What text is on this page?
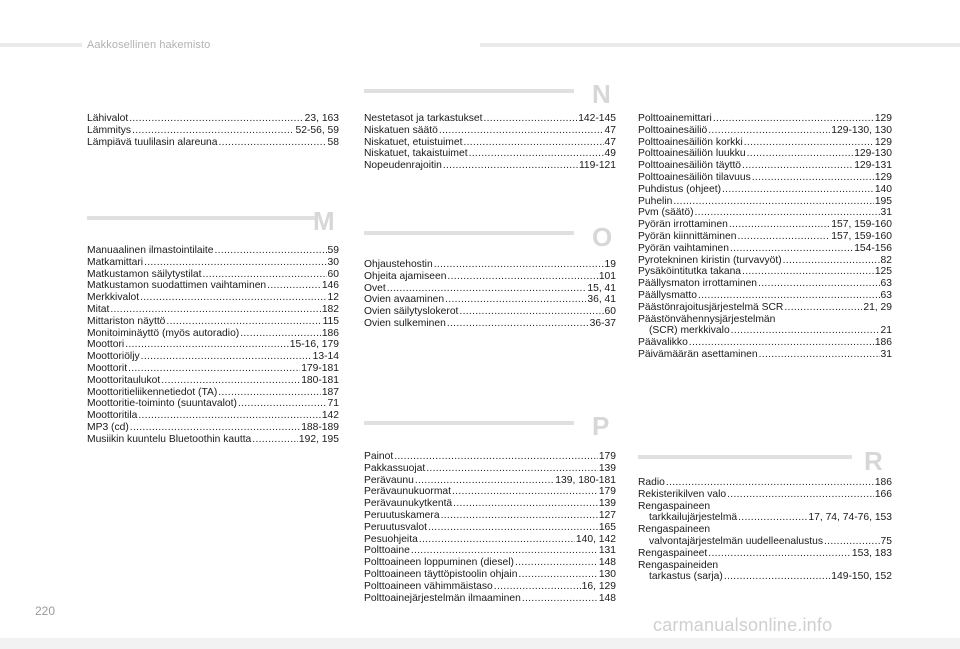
Aakkosellinen hakemisto
Lähivalot .....	23, 163
Lämmitys .....	52-56, 59
Lämpiävä tuulilasin alareuna .....	58
M
Manuaalinen ilmastointilaite .....	59
Matkamittari .....	30
Matkustamon säilytystilat .....	60
Matkustamon suodattimen vaihtaminen .....	146
Merkkivalot .....	12
Mitat .....	182
Mittariston näyttö .....	115
Monitoiminäyttö (myös autoradio) .....	186
Moottori .....	15-16, 179
Moottoriöljy .....	13-14
Moottorit .....	179-181
Moottoritaulukot .....	180-181
Moottoritieliikennetiedot (TA) .....	187
Moottoritie-toiminto (suuntavalot) .....	71
Moottoritila .....	142
MP3 (cd) .....	188-189
Musiikin kuuntelu Bluetoothin kautta .....	192, 195
N
Nestetasot ja tarkastukset .....	142-145
Niskatuen säätö .....	47
Niskatuet, etuistuimet .....	47
Niskatuet, takaistuimet .....	49
Nopeudenrajoitin .....	119-121
O
Ohjaustehostin .....	19
Ohjeita ajamiseen .....	101
Ovet .....	15, 41
Ovien avaaminen .....	36, 41
Ovien säilytyslokerot .....	60
Ovien sulkeminen .....	36-37
P
Painot .....	179
Pakkassuojat .....	139
Perävaunu .....	139, 180-181
Perävaunukuormat .....	179
Perävaunukytkentä .....	139
Peruutuskamera .....	127
Peruutusvalot .....	165
Pesuohjeita .....	140, 142
Polttoaine .....	131
Polttoaineen loppuminen (diesel) .....	148
Polttoaineen täyttöpistoolin ohjain .....	130
Polttoaineen vähimmäistaso .....	16, 129
Polttoainejärjestelmän ilmaaminen .....	148
Polttoainemittari .....	129
Polttoainesäiliö .....	129-130, 130
Polttoainesäiliön korkki .....	129
Polttoainesäiliön luukku .....	129-130
Polttoainesäiliön täyttö .....	129-131
Polttoainesäiliön tilavuus .....	129
Puhdistus (ohjeet) .....	140
Puhelin .....	195
Pvm (säätö) .....	31
Pyörän irrottaminen .....	157, 159-160
Pyörän kiinnittäminen .....	157, 159-160
Pyörän vaihtaminen .....	154-156
Pyrotekninen kiristin (turvavyöt) .....	82
Pysäköintitutka takana .....	125
Päällysmaton irrottaminen .....	63
Päällysmatto .....	63
Päästönrajoitusjärjestelmä SCR .....	21, 29
Päästönvähennysjärjestelmän
(SCR) merkkivalo .....	21
Päävalikko .....	186
Päivämäärän asettaminen .....	31
R
Radio .....	186
Rekisterikilven valo .....	166
Rengaspaineen
tarkkailujärjestelmä .....	17, 74, 74-76, 153
Rengaspaineen
valvontajärjestelmän uudelleenalustus .....	75
Rengaspaineet .....	153, 183
Rengaspaineiden
tarkastus (sarja) .....	149-150, 152
220
carmanualsonline.info
